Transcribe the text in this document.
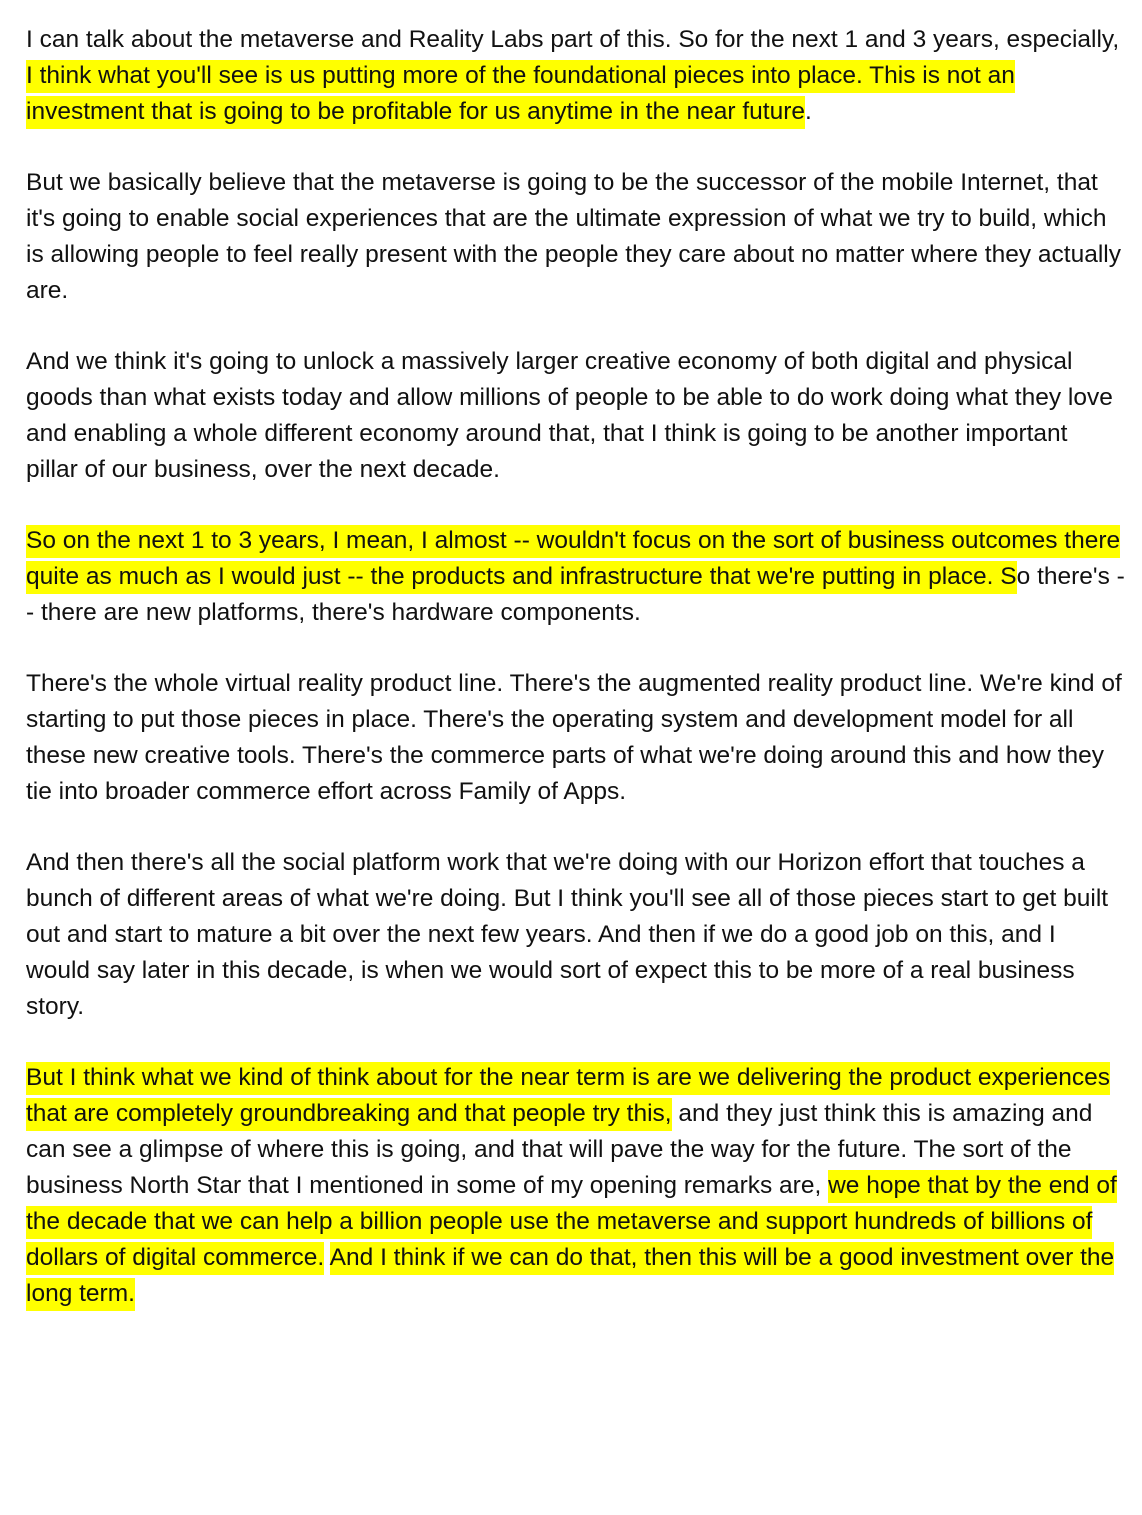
I can talk about the metaverse and Reality Labs part of this. So for the next 1 and 3 years, especially, I think what you'll see is us putting more of the foundational pieces into place. This is not an investment that is going to be profitable for us anytime in the near future.

But we basically believe that the metaverse is going to be the successor of the mobile Internet, that it's going to enable social experiences that are the ultimate expression of what we try to build, which is allowing people to feel really present with the people they care about no matter where they actually are.

And we think it's going to unlock a massively larger creative economy of both digital and physical goods than what exists today and allow millions of people to be able to do work doing what they love and enabling a whole different economy around that, that I think is going to be another important pillar of our business, over the next decade.

So on the next 1 to 3 years, I mean, I almost -- wouldn't focus on the sort of business outcomes there quite as much as I would just -- the products and infrastructure that we're putting in place. So there's -- there are new platforms, there's hardware components.

There's the whole virtual reality product line. There's the augmented reality product line. We're kind of starting to put those pieces in place. There's the operating system and development model for all these new creative tools. There's the commerce parts of what we're doing around this and how they tie into broader commerce effort across Family of Apps.

And then there's all the social platform work that we're doing with our Horizon effort that touches a bunch of different areas of what we're doing. But I think you'll see all of those pieces start to get built out and start to mature a bit over the next few years. And then if we do a good job on this, and I would say later in this decade, is when we would sort of expect this to be more of a real business story.

But I think what we kind of think about for the near term is are we delivering the product experiences that are completely groundbreaking and that people try this, and they just think this is amazing and can see a glimpse of where this is going, and that will pave the way for the future. The sort of the business North Star that I mentioned in some of my opening remarks are, we hope that by the end of the decade that we can help a billion people use the metaverse and support hundreds of billions of dollars of digital commerce. And I think if we can do that, then this will be a good investment over the long term.
